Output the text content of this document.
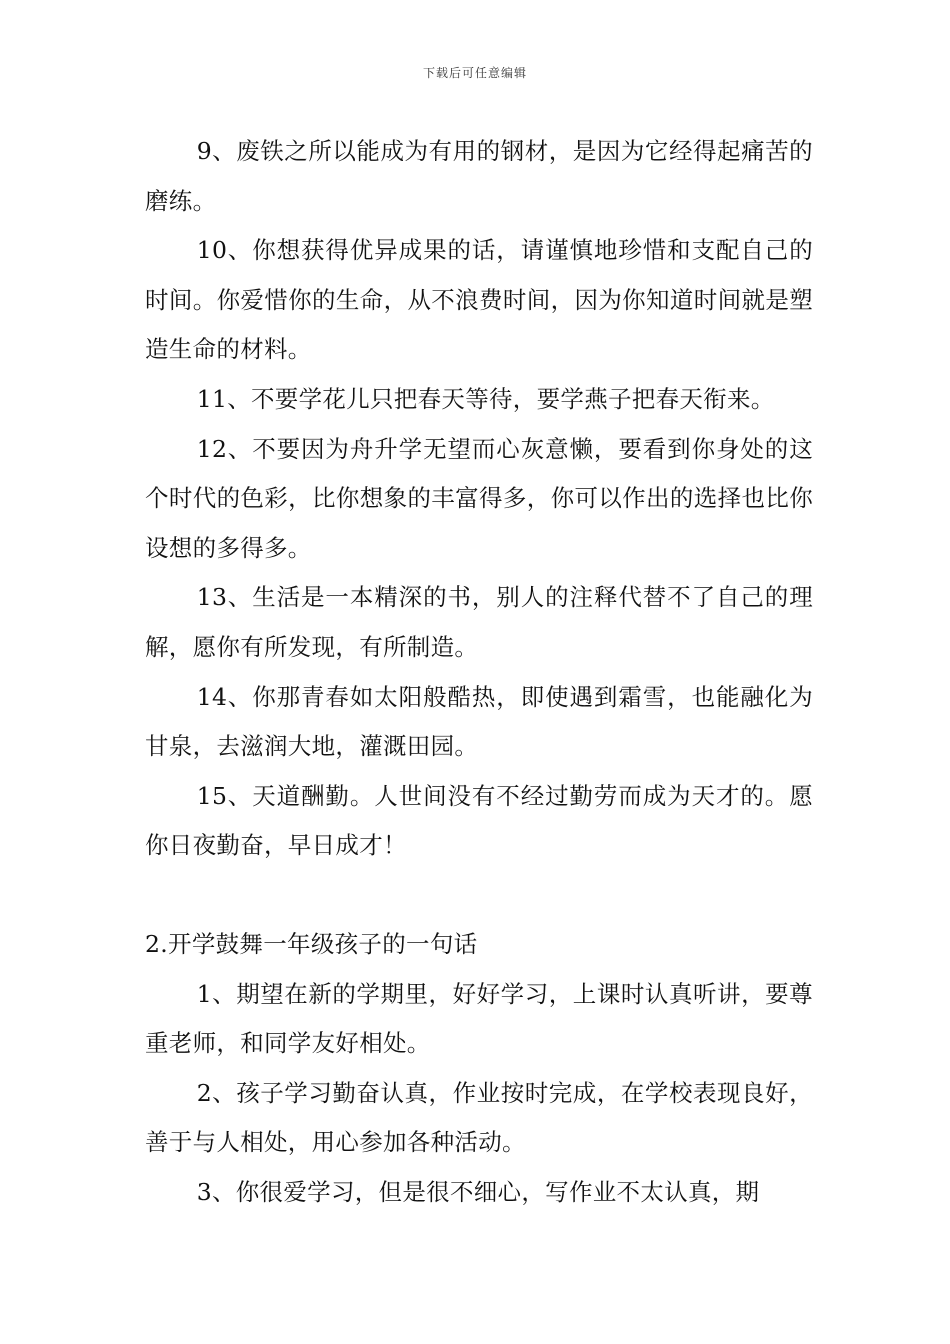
下载后可任意编辑

9、废铁之所以能成为有用的钢材，是因为它经得起痛苦的磨练。

10、你想获得优异成果的话，请谨慎地珍惜和支配自己的时间。你爱惜你的生命，从不浪费时间，因为你知道时间就是塑造生命的材料。

11、不要学花儿只把春天等待，要学燕子把春天衔来。

12、不要因为舟升学无望而心灰意懒，要看到你身处的这个时代的色彩，比你想象的丰富得多，你可以作出的选择也比你设想的多得多。

13、生活是一本精深的书，别人的注释代替不了自己的理解，愿你有所发现，有所制造。

14、你那青春如太阳般酷热，即使遇到霜雪，也能融化为甘泉，去滋润大地，灌溉田园。

15、天道酬勤。人世间没有不经过勤劳而成为天才的。愿你日夜勤奋，早日成才！

2.开学鼓舞一年级孩子的一句话

1、期望在新的学期里，好好学习，上课时认真听讲，要尊重老师，和同学友好相处。

2、孩子学习勤奋认真，作业按时完成，在学校表现良好，善于与人相处，用心参加各种活动。

3、你很爱学习，但是很不细心，写作业不太认真，期
